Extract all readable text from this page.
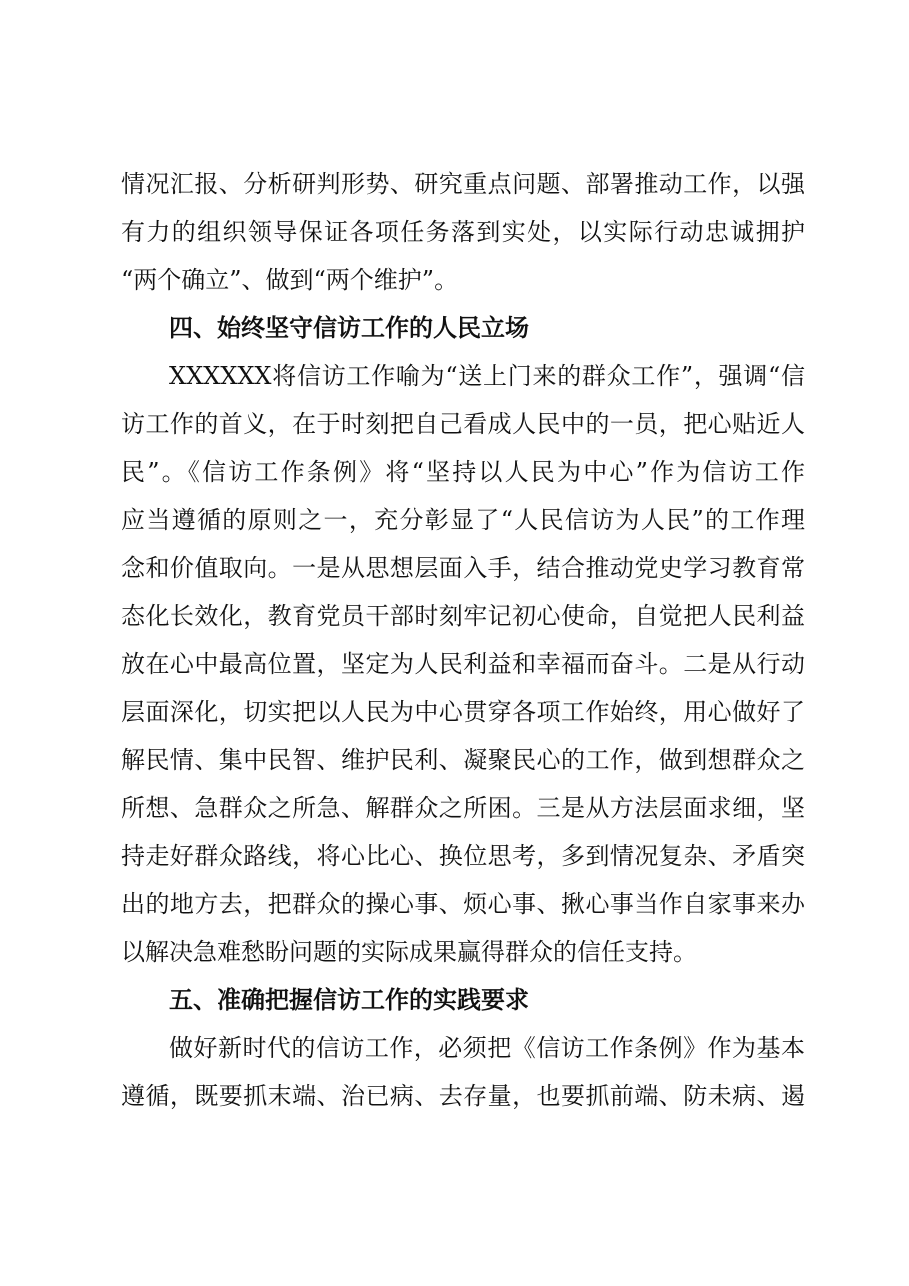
情况汇报、分析研判形势、研究重点问题、部署推动工作，以强
有力的组织领导保证各项任务落到实处，以实际行动忠诚拥护
“两个确立”、做到“两个维护”。
四、始终坚守信访工作的人民立场
XXXXXX将信访工作喻为“送上门来的群众工作”，强调“信
访工作的首义，在于时刻把自己看成人民中的一员，把心贴近人
民”。《信访工作条例》将“坚持以人民为中心”作为信访工作
应当遵循的原则之一，充分彰显了“人民信访为人民”的工作理
念和价值取向。一是从思想层面入手，结合推动党史学习教育常
态化长效化，教育党员干部时刻牢记初心使命，自觉把人民利益
放在心中最高位置，坚定为人民利益和幸福而奋斗。二是从行动
层面深化，切实把以人民为中心贯穿各项工作始终，用心做好了
解民情、集中民智、维护民利、凝聚民心的工作，做到想群众之
所想、急群众之所急、解群众之所困。三是从方法层面求细，坚
持走好群众路线，将心比心、换位思考，多到情况复杂、矛盾突
出的地方去，把群众的操心事、烦心事、揪心事当作自家事来办
以解决急难愁盼问题的实际成果赢得群众的信任支持。
五、准确把握信访工作的实践要求
做好新时代的信访工作，必须把《信访工作条例》作为基本
遵循，既要抓末端、治已病、去存量，也要抓前端、防未病、遏
